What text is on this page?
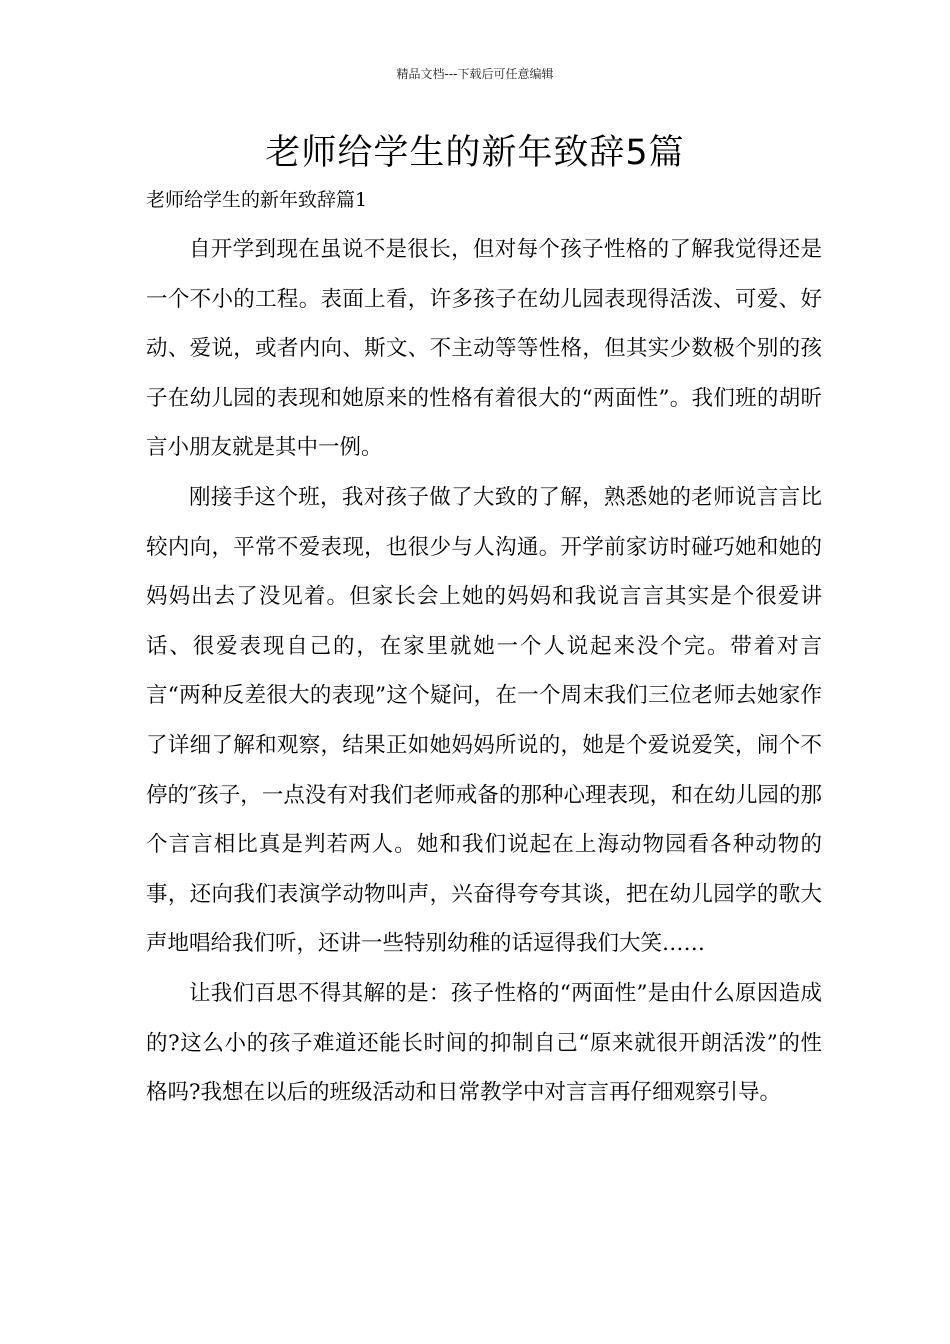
精品文档---下载后可任意编辑
老师给学生的新年致辞5篇
老师给学生的新年致辞篇1

自开学到现在虽说不是很长，但对每个孩子性格的了解我觉得还是一个不小的工程。表面上看，许多孩子在幼儿园表现得活泼、可爱、好动、爱说，或者内向、斯文、不主动等等性格，但其实少数极个别的孩子在幼儿园的表现和她原来的性格有着很大的“两面性”。我们班的胡昕言小朋友就是其中一例。

刚接手这个班，我对孩子做了大致的了解，熟悉她的老师说言言比较内向，平常不爱表现，也很少与人沟通。开学前家访时碰巧她和她的妈妈出去了没见着。但家长会上她的妈妈和我说言言其实是个很爱讲话、很爱表现自己的，在家里就她一个人说起来没个完。带着对言言“两种反差很大的表现”这个疑问，在一个周末我们三位老师去她家作了详细了解和观察，结果正如她妈妈所说的，她是个爱说爱笑，闹个不停的″孩子，一点没有对我们老师戒备的那种心理表现，和在幼儿园的那个言言相比真是判若两人。她和我们说起在上海动物园看各种动物的事，还向我们表演学动物叫声，兴奋得夸夸其谈，把在幼儿园学的歌大声地唱给我们听，还讲一些特别幼稚的话逗得我们大笑……

让我们百思不得其解的是：孩子性格的“两面性”是由什么原因造成的?这么小的孩子难道还能长时间的抑制自己“原来就很开朗活泼”的性格吗?我想在以后的班级活动和日常教学中对言言再仔细观察引导。
